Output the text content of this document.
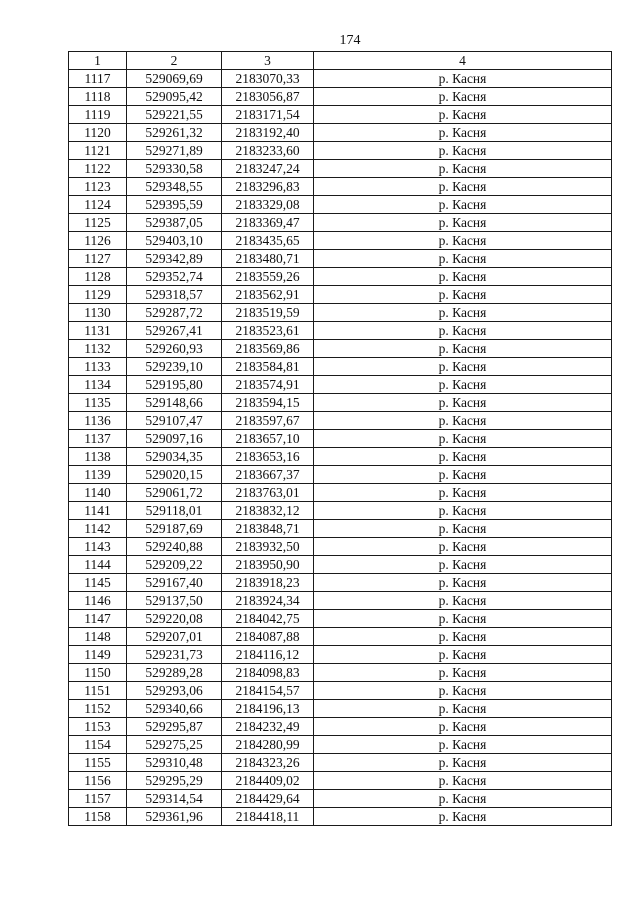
174
1	2	3	4
1117	529069,69	2183070,33	р. Касня
1118	529095,42	2183056,87	р. Касня
1119	529221,55	2183171,54	р. Касня
1120	529261,32	2183192,40	р. Касня
1121	529271,89	2183233,60	р. Касня
1122	529330,58	2183247,24	р. Касня
1123	529348,55	2183296,83	р. Касня
1124	529395,59	2183329,08	р. Касня
1125	529387,05	2183369,47	р. Касня
1126	529403,10	2183435,65	р. Касня
1127	529342,89	2183480,71	р. Касня
1128	529352,74	2183559,26	р. Касня
1129	529318,57	2183562,91	р. Касня
1130	529287,72	2183519,59	р. Касня
1131	529267,41	2183523,61	р. Касня
1132	529260,93	2183569,86	р. Касня
1133	529239,10	2183584,81	р. Касня
1134	529195,80	2183574,91	р. Касня
1135	529148,66	2183594,15	р. Касня
1136	529107,47	2183597,67	р. Касня
1137	529097,16	2183657,10	р. Касня
1138	529034,35	2183653,16	р. Касня
1139	529020,15	2183667,37	р. Касня
1140	529061,72	2183763,01	р. Касня
1141	529118,01	2183832,12	р. Касня
1142	529187,69	2183848,71	р. Касня
1143	529240,88	2183932,50	р. Касня
1144	529209,22	2183950,90	р. Касня
1145	529167,40	2183918,23	р. Касня
1146	529137,50	2183924,34	р. Касня
1147	529220,08	2184042,75	р. Касня
1148	529207,01	2184087,88	р. Касня
1149	529231,73	2184116,12	р. Касня
1150	529289,28	2184098,83	р. Касня
1151	529293,06	2184154,57	р. Касня
1152	529340,66	2184196,13	р. Касня
1153	529295,87	2184232,49	р. Касня
1154	529275,25	2184280,99	р. Касня
1155	529310,48	2184323,26	р. Касня
1156	529295,29	2184409,02	р. Касня
1157	529314,54	2184429,64	р. Касня
1158	529361,96	2184418,11	р. Касня
